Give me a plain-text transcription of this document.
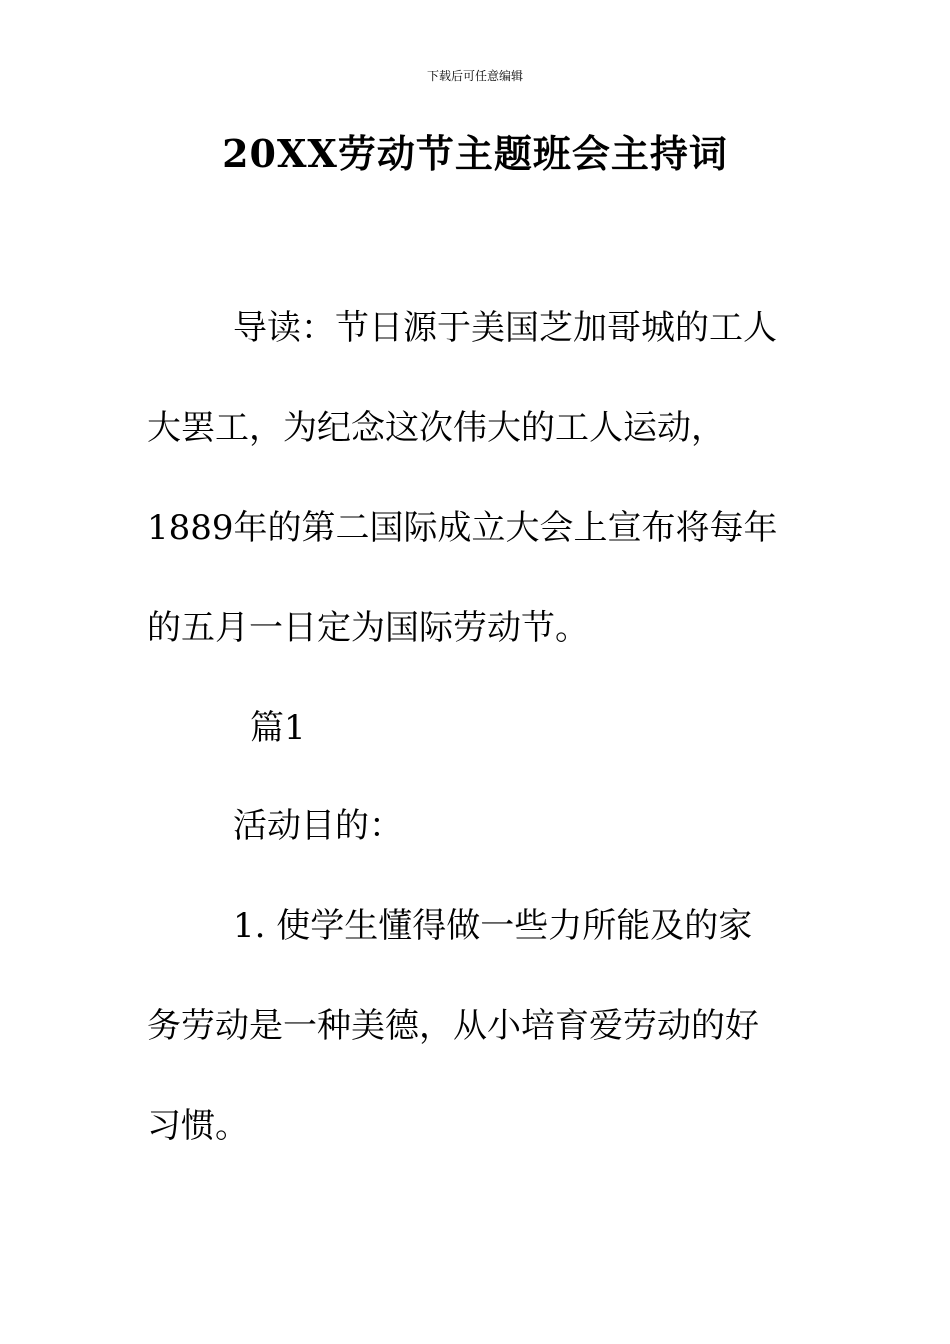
下载后可任意编辑
20XX劳动节主题班会主持词
导读：节日源于美国芝加哥城的工人
大罢工，为纪念这次伟大的工人运动，
1889年的第二国际成立大会上宣布将每年
的五月一日定为国际劳动节。
篇1
活动目的：
1. 使学生懂得做一些力所能及的家
务劳动是一种美德，从小培育爱劳动的好
习惯。
